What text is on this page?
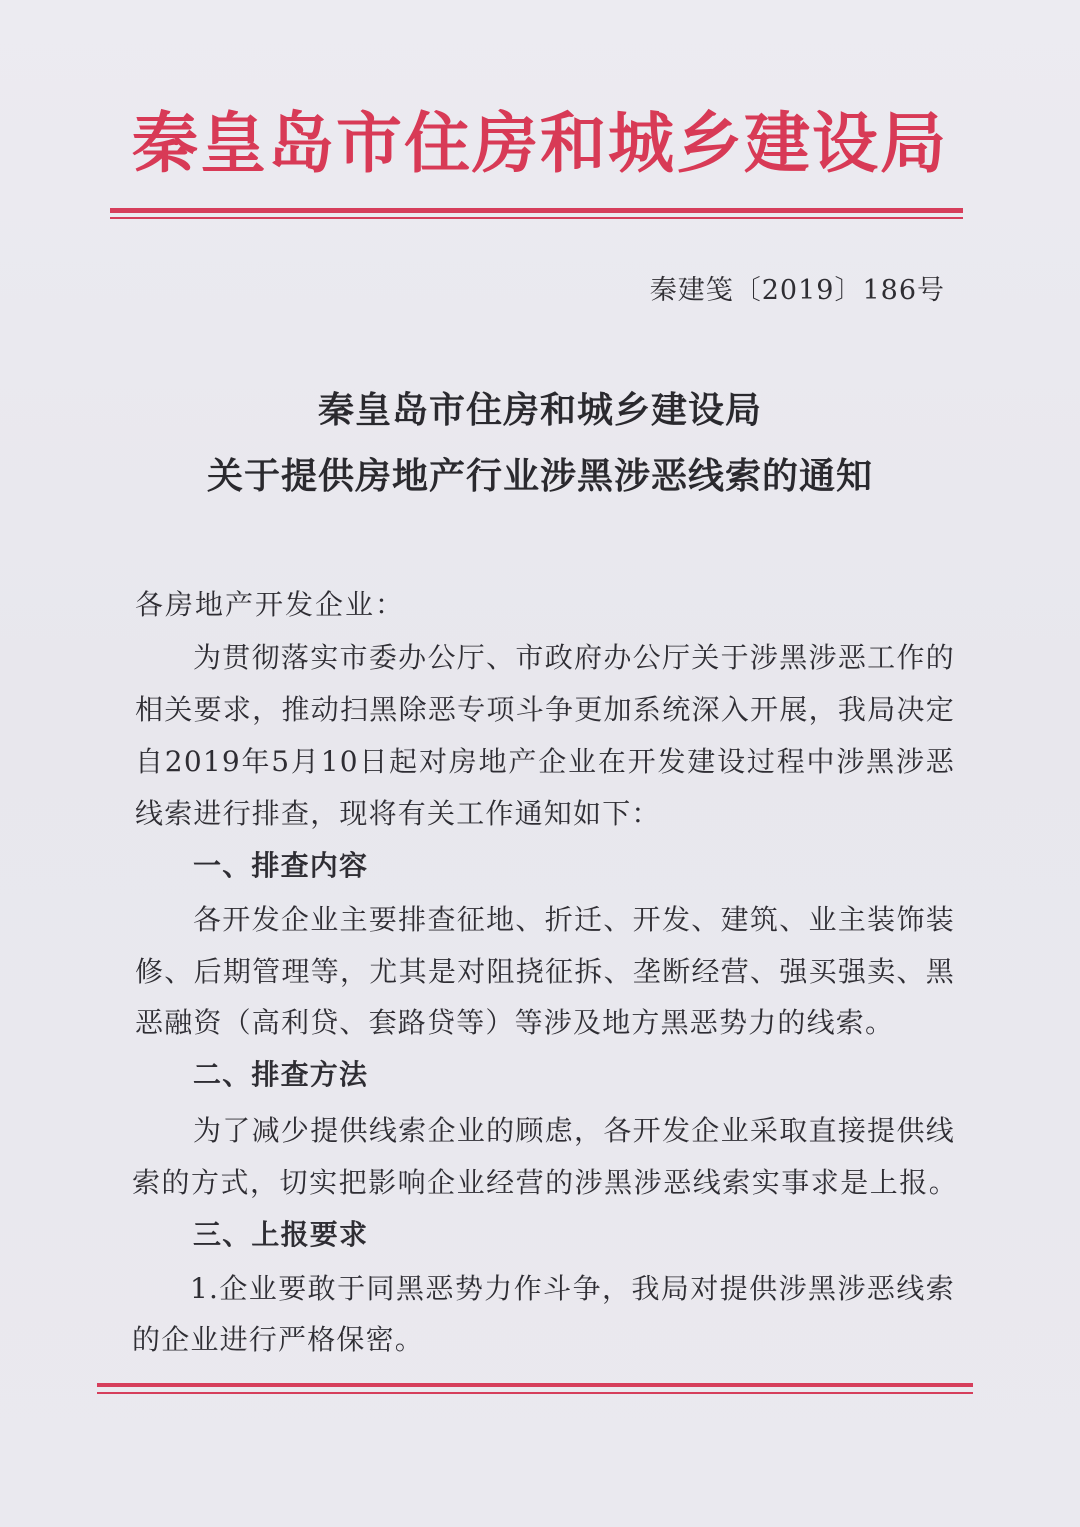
秦皇岛市住房和城乡建设局
秦建笺〔2019〕186号
秦皇岛市住房和城乡建设局
关于提供房地产行业涉黑涉恶线索的通知
各房地产开发企业：
为贯彻落实市委办公厅、市政府办公厅关于涉黑涉恶工作的
相关要求，推动扫黑除恶专项斗争更加系统深入开展，我局决定
自2019年5月10日起对房地产企业在开发建设过程中涉黑涉恶
线索进行排查，现将有关工作通知如下：
一、排查内容
各开发企业主要排查征地、折迁、开发、建筑、业主装饰装
修、后期管理等，尤其是对阻挠征拆、垄断经营、强买强卖、黑
恶融资（高利贷、套路贷等）等涉及地方黑恶势力的线索。
二、排查方法
为了减少提供线索企业的顾虑，各开发企业采取直接提供线
索的方式，切实把影响企业经营的涉黑涉恶线索实事求是上报。
三、上报要求
1.企业要敢于同黑恶势力作斗争，我局对提供涉黑涉恶线索
的企业进行严格保密。
